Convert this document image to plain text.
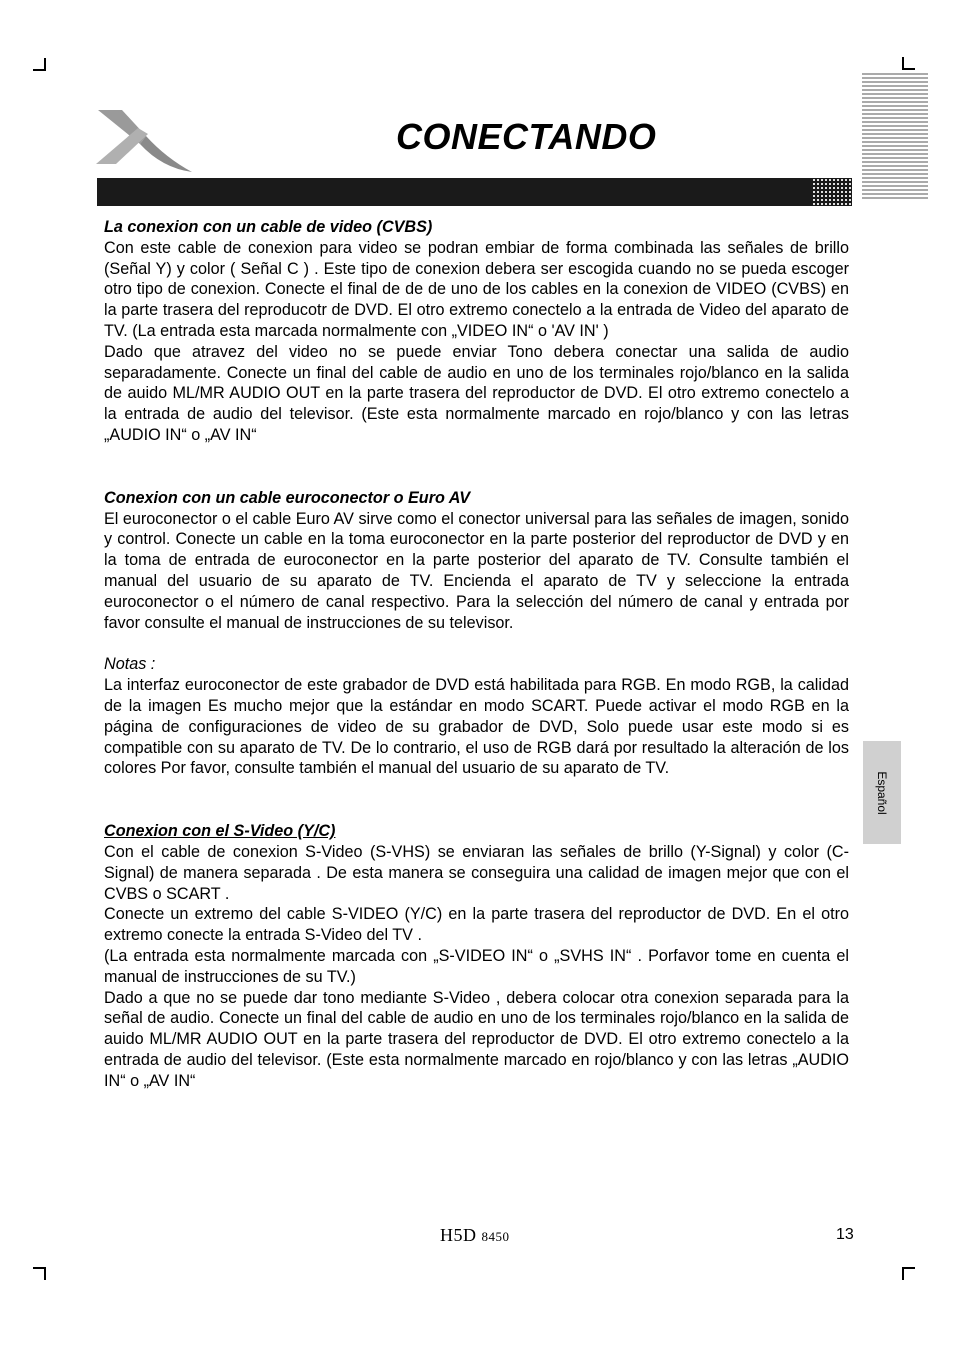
CONECTANDO
Español

La conexion con un cable de video (CVBS)

Con este cable de conexion para video se podran embiar de forma combinada las señales de brillo (Señal Y) y color ( Señal C ) . Este tipo de conexion debera ser escogida cuando no se pueda escoger otro tipo de conexion. Conecte el final de de de uno de los cables en la conexion de VIDEO (CVBS) en la parte trasera del reproducotr de DVD. El otro extremo conectelo a la entrada de Video del aparato de TV. (La entrada esta marcada normalmente con „VIDEO IN“ o 'AV IN' )

Dado que atravez del video no se puede enviar Tono debera conectar una salida de audio separadamente. Conecte un final del cable de audio en uno de los terminales rojo/blanco en la salida de auido ML/MR AUDIO OUT en la parte trasera del reproductor de DVD. El otro extremo conectelo a la entrada de audio del televisor. (Este esta normalmente marcado en rojo/blanco y con las letras „AUDIO IN“ o „AV IN“

Conexion con un cable euroconector o Euro AV

El euroconector o el cable Euro AV sirve como el conector universal para las señales de imagen, sonido y control. Conecte un cable en la toma euroconector en la parte posterior del reproductor de DVD y en la toma de entrada de euroconector en la parte posterior del aparato de TV. Consulte también el manual del usuario de su aparato de TV. Encienda el aparato de TV y seleccione la entrada euroconector o el número de canal respectivo. Para la selección del número de canal y entrada por favor consulte el manual de instrucciones de su televisor.

Notas :

La interfaz euroconector de este grabador de DVD está habilitada para RGB. En modo RGB, la calidad de la imagen Es mucho mejor que la estándar en modo SCART. Puede activar el modo RGB en la página de configuraciones de video de su grabador de DVD, Solo puede usar este modo si es compatible con su aparato de TV. De lo contrario, el uso de RGB dará por resultado la alteración de los colores Por favor, consulte también el manual del usuario de su aparato de TV.

Conexion con el S-Video (Y/C)

Con el cable de conexion S-Video (S-VHS) se enviaran las señales de brillo (Y-Signal) y color (C-Signal) de manera separada . De esta manera se conseguira una calidad de imagen mejor que con el CVBS o SCART .

Conecte un extremo del cable S-VIDEO (Y/C) en la parte trasera del reproductor de DVD. En el otro extremo conecte la entrada S-Video del TV .

(La entrada esta normalmente marcada con „S-VIDEO IN“ o „SVHS IN“ . Porfavor tome en cuenta el manual de instrucciones de su TV.)

Dado a que no se puede dar tono mediante S-Video , debera colocar otra conexion separada para la señal de audio. Conecte un final del cable de audio en uno de los terminales rojo/blanco en la salida de auido ML/MR AUDIO OUT en la parte trasera del reproductor de DVD. El otro extremo conectelo a la entrada de audio del televisor. (Este esta normalmente marcado en rojo/blanco y con las letras „AUDIO IN“ o „AV IN“

H5D 8450	13
